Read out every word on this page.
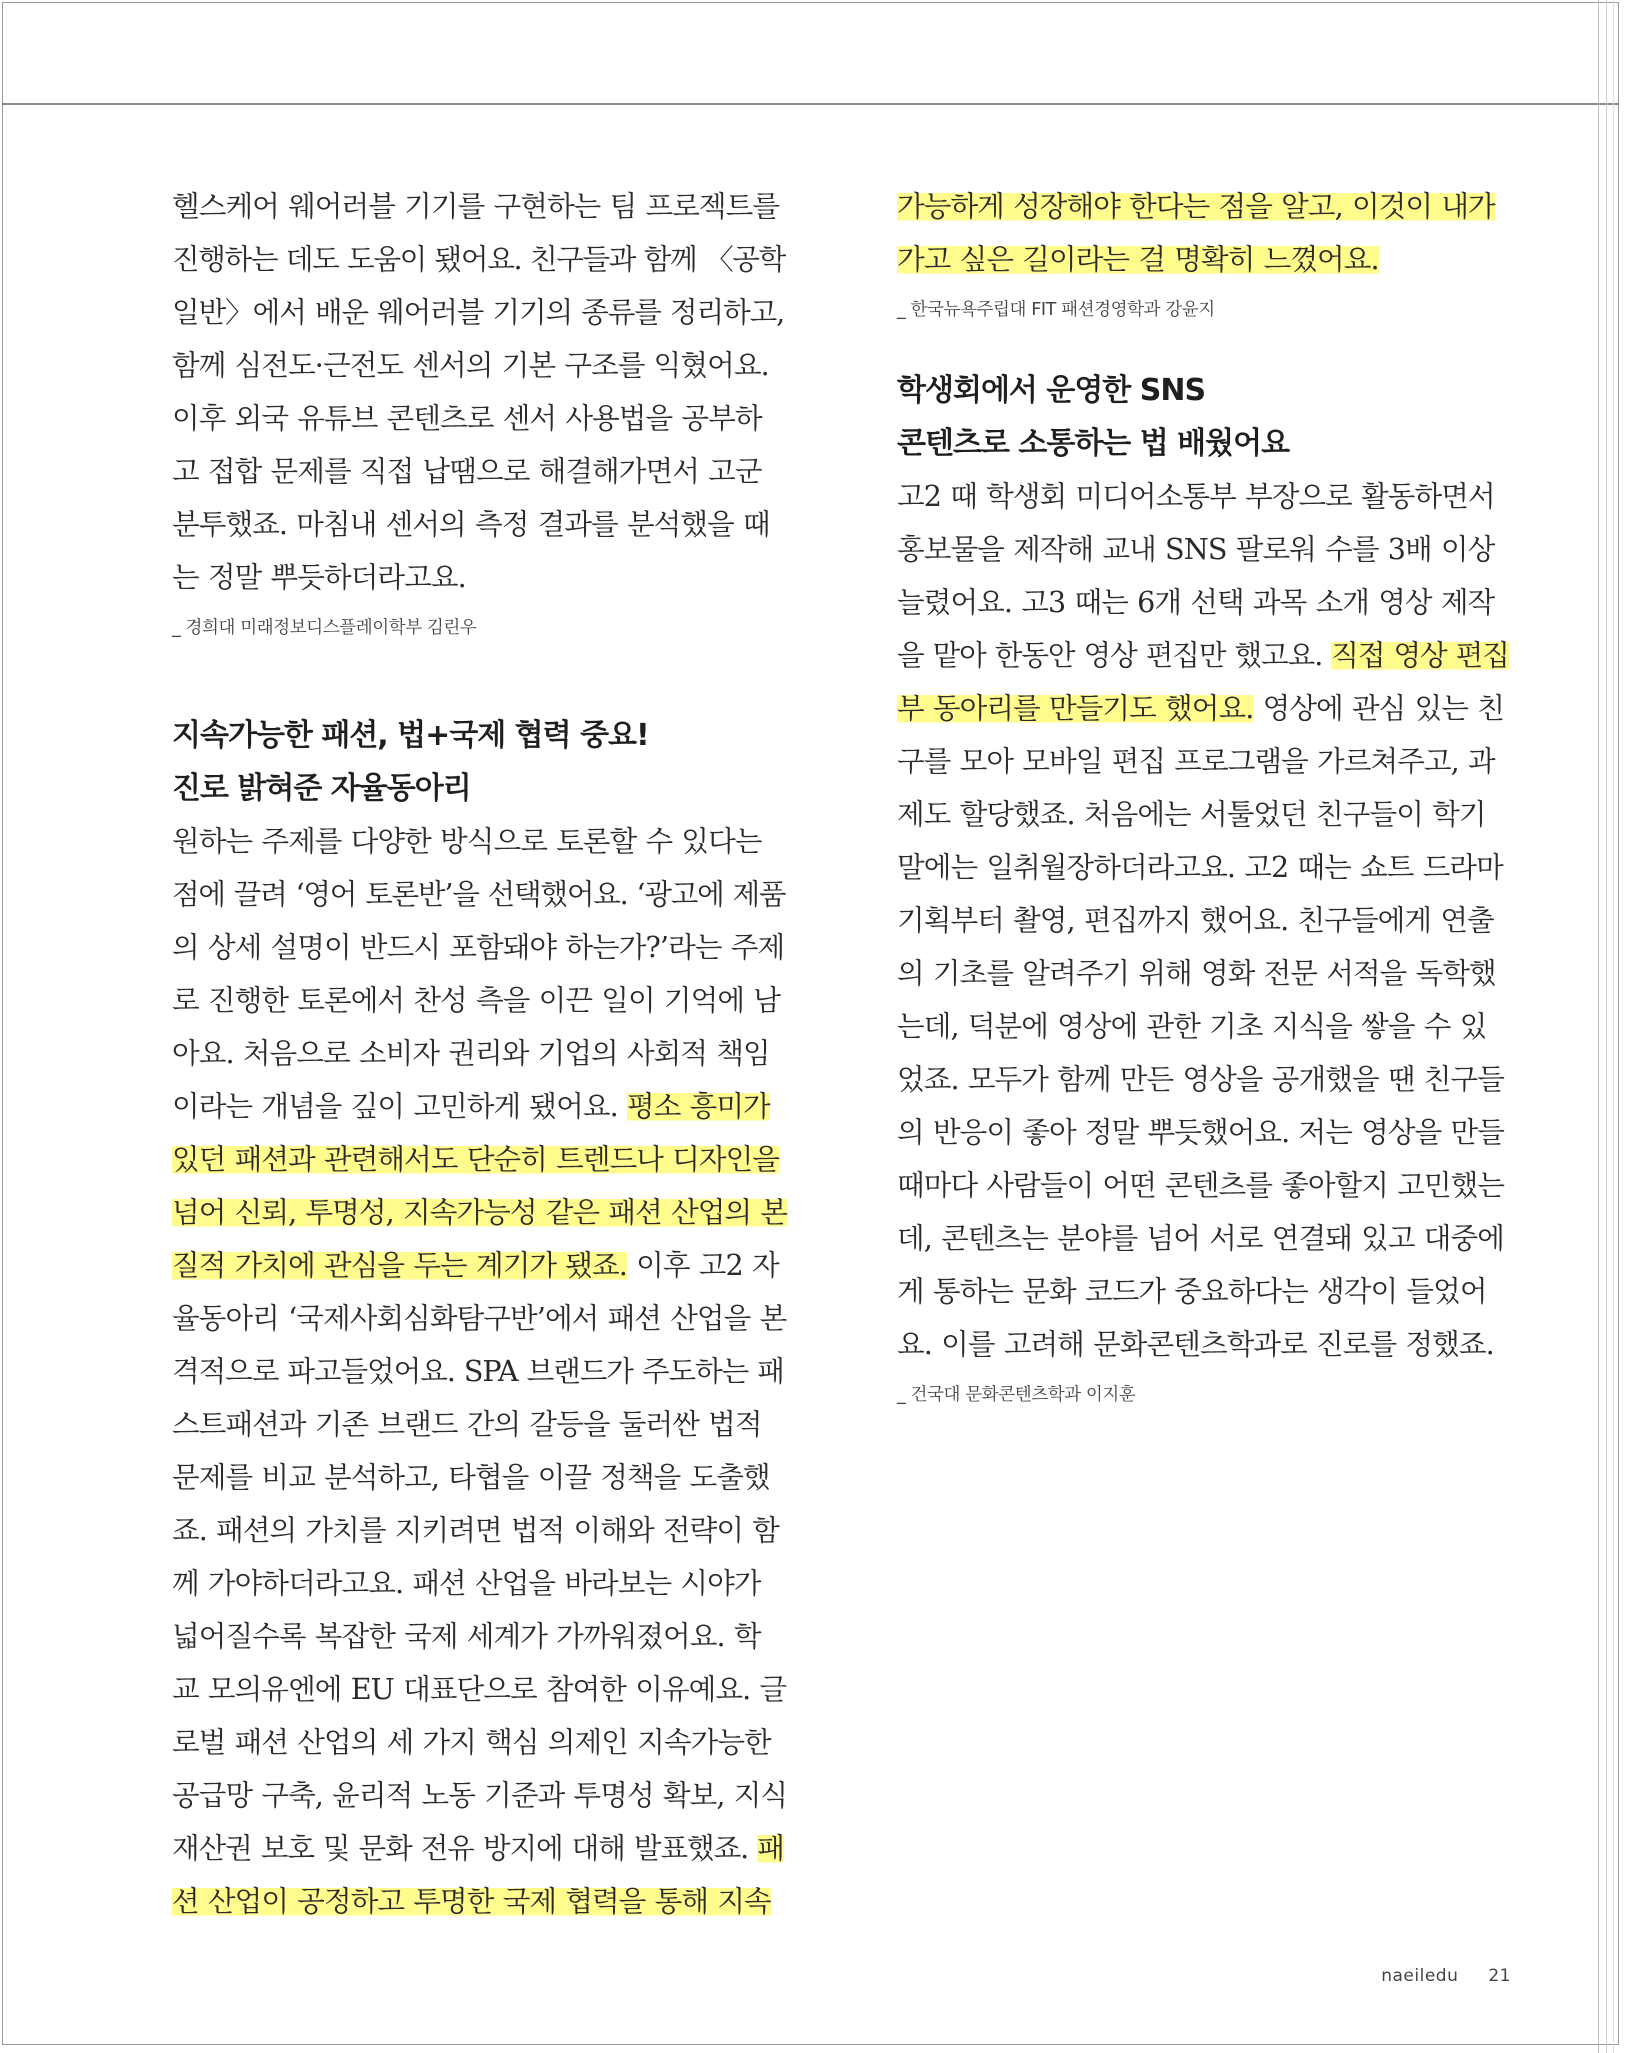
헬스케어 웨어러블 기기를 구현하는 팀 프로젝트를
진행하는 데도 도움이 됐어요. 친구들과 함께 〈공학
일반〉에서 배운 웨어러블 기기의 종류를 정리하고,
함께 심전도·근전도 센서의 기본 구조를 익혔어요.
이후 외국 유튜브 콘텐츠로 센서 사용법을 공부하
고 접합 문제를 직접 납땜으로 해결해가면서 고군
분투했죠. 마침내 센서의 측정 결과를 분석했을 때
는 정말 뿌듯하더라고요.

_ 경희대 미래정보디스플레이학부 김린우

지속가능한 패션, 법+국제 협력 중요!
진로 밝혀준 자율동아리

원하는 주제를 다양한 방식으로 토론할 수 있다는
점에 끌려 ‘영어 토론반’을 선택했어요. ‘광고에 제품
의 상세 설명이 반드시 포함돼야 하는가?’라는 주제
로 진행한 토론에서 찬성 측을 이끈 일이 기억에 남
아요. 처음으로 소비자 권리와 기업의 사회적 책임
이라는 개념을 깊이 고민하게 됐어요. 평소 흥미가
있던 패션과 관련해서도 단순히 트렌드나 디자인을
넘어 신뢰, 투명성, 지속가능성 같은 패션 산업의 본
질적 가치에 관심을 두는 계기가 됐죠. 이후 고2 자
율동아리 ‘국제사회심화탐구반’에서 패션 산업을 본
격적으로 파고들었어요. SPA 브랜드가 주도하는 패
스트패션과 기존 브랜드 간의 갈등을 둘러싼 법적
문제를 비교 분석하고, 타협을 이끌 정책을 도출했
죠. 패션의 가치를 지키려면 법적 이해와 전략이 함
께 가야하더라고요. 패션 산업을 바라보는 시야가
넓어질수록 복잡한 국제 세계가 가까워졌어요. 학
교 모의유엔에 EU 대표단으로 참여한 이유예요. 글
로벌 패션 산업의 세 가지 핵심 의제인 지속가능한
공급망 구축, 윤리적 노동 기준과 투명성 확보, 지식
재산권 보호 및 문화 전유 방지에 대해 발표했죠. 패
션 산업이 공정하고 투명한 국제 협력을 통해 지속

가능하게 성장해야 한다는 점을 알고, 이것이 내가
가고 싶은 길이라는 걸 명확히 느꼈어요.

_ 한국뉴욕주립대 FIT 패션경영학과 강윤지

학생회에서 운영한 SNS
콘텐츠로 소통하는 법 배웠어요

고2 때 학생회 미디어소통부 부장으로 활동하면서
홍보물을 제작해 교내 SNS 팔로워 수를 3배 이상
늘렸어요. 고3 때는 6개 선택 과목 소개 영상 제작
을 맡아 한동안 영상 편집만 했고요. 직접 영상 편집
부 동아리를 만들기도 했어요. 영상에 관심 있는 친
구를 모아 모바일 편집 프로그램을 가르쳐주고, 과
제도 할당했죠. 처음에는 서툴었던 친구들이 학기
말에는 일취월장하더라고요. 고2 때는 쇼트 드라마
기획부터 촬영, 편집까지 했어요. 친구들에게 연출
의 기초를 알려주기 위해 영화 전문 서적을 독학했
는데, 덕분에 영상에 관한 기초 지식을 쌓을 수 있
었죠. 모두가 함께 만든 영상을 공개했을 땐 친구들
의 반응이 좋아 정말 뿌듯했어요. 저는 영상을 만들
때마다 사람들이 어떤 콘텐츠를 좋아할지 고민했는
데, 콘텐츠는 분야를 넘어 서로 연결돼 있고 대중에
게 통하는 문화 코드가 중요하다는 생각이 들었어
요. 이를 고려해 문화콘텐츠학과로 진로를 정했죠.

_ 건국대 문화콘텐츠학과 이지훈

naeiledu 21
